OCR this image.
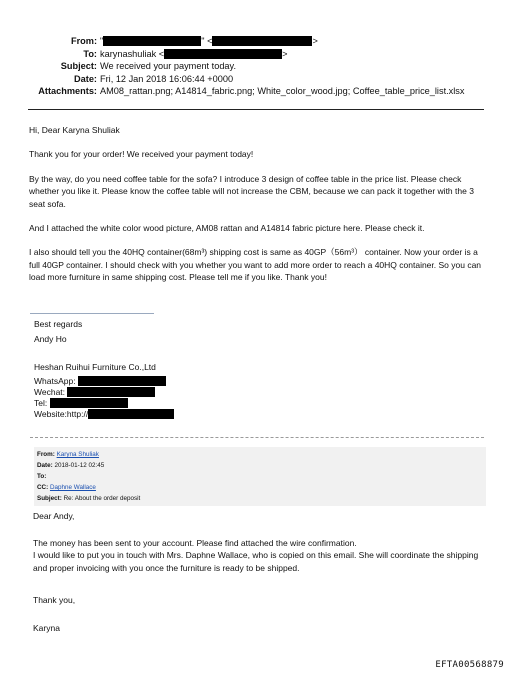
From: "	" <	>
To: karynashuliak <	>
Subject: We received your payment today.
Date: Fri, 12 Jan 2018 16:06:44 +0000
Attachments: AM08_rattan.png; A14814_fabric.png; White_color_wood.jpg; Coffee_table_price_list.xlsx

Hi, Dear Karyna Shuliak

Thank you for your order! We received your payment today!

By the way, do you need coffee table for the sofa? I introduce 3 design of coffee table in the price list. Please check whether you like it. Please know the coffee table will not increase the CBM, because we can pack it together with the 3 seat sofa.

And I attached the white color wood picture, AM08 rattan and A14814 fabric picture here. Please check it.

I also should tell you the 40HQ container(68m³) shipping cost is same as 40GP（56m³） container. Now your order is a full 40GP container. I should check with you whether you want to add more order to reach a 40HQ container. So you can load more furniture in same shipping cost. Please tell me if you like. Thank you!

Best regards
Andy Ho
Heshan Ruihui Furniture Co.,Ltd
WhatsApp:
Wechat:
Tel:
Website:http://
From: Karyna Shuliak
Date: 2018-01-12 02:45
To:
CC: Daphne Wallace
Subject: Re: About the order deposit
Dear Andy,

The money has been sent to your account. Please find attached the wire confirmation.

I would like to put you in touch with Mrs. Daphne Wallace, who is copied on this email. She will coordinate the shipping and proper invoicing with you once the furniture is ready to be shipped.

Thank you,
Karyna
EFTA00568879
